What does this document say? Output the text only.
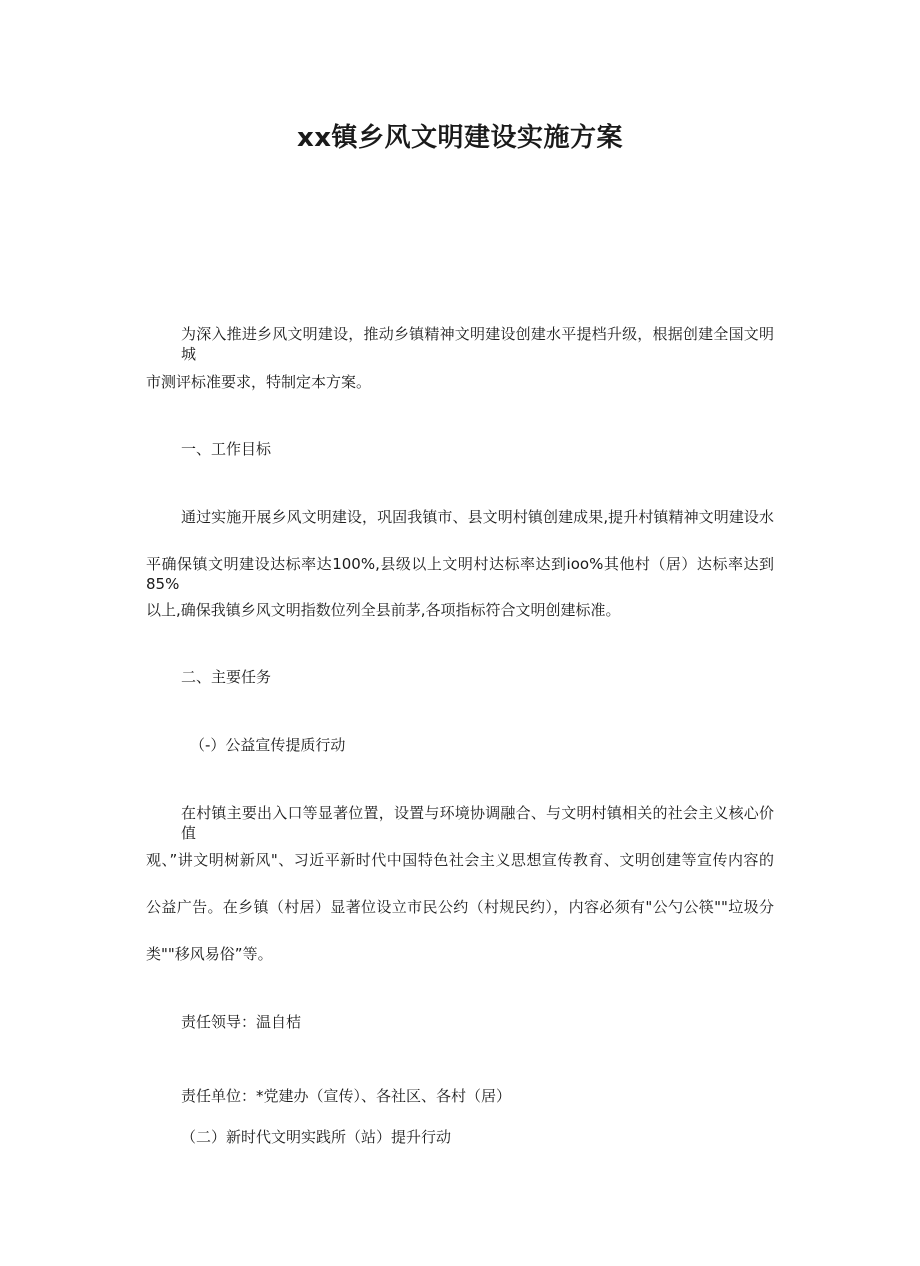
xx镇乡风文明建设实施方案
为深入推进乡风文明建设，推动乡镇精神文明建设创建水平提档升级，根据创建全国文明城
市测评标准要求，特制定本方案。
一、工作目标
通过实施开展乡风文明建设，巩固我镇市、县文明村镇创建成果,提升村镇精神文明建设水
平确保镇文明建设达标率达100%,县级以上文明村达标率达到ioo%其他村（居）达标率达到85%
以上,确保我镇乡风文明指数位列全县前茅,各项指标符合文明创建标准。
二、主要任务
（-）公益宣传提质行动
在村镇主要出入口等显著位置，设置与环境协调融合、与文明村镇相关的社会主义核心价值
观、”讲文明树新风"、习近平新时代中国特色社会主义思想宣传教育、文明创建等宣传内容的
公益广告。在乡镇（村居）显著位设立市民公约（村规民约），内容必须有"公勺公筷""垃圾分
类""移风易俗”等。
责任领导：温自桔
责任单位：*党建办（宣传）、各社区、各村（居）
（二）新时代文明实践所（站）提升行动
